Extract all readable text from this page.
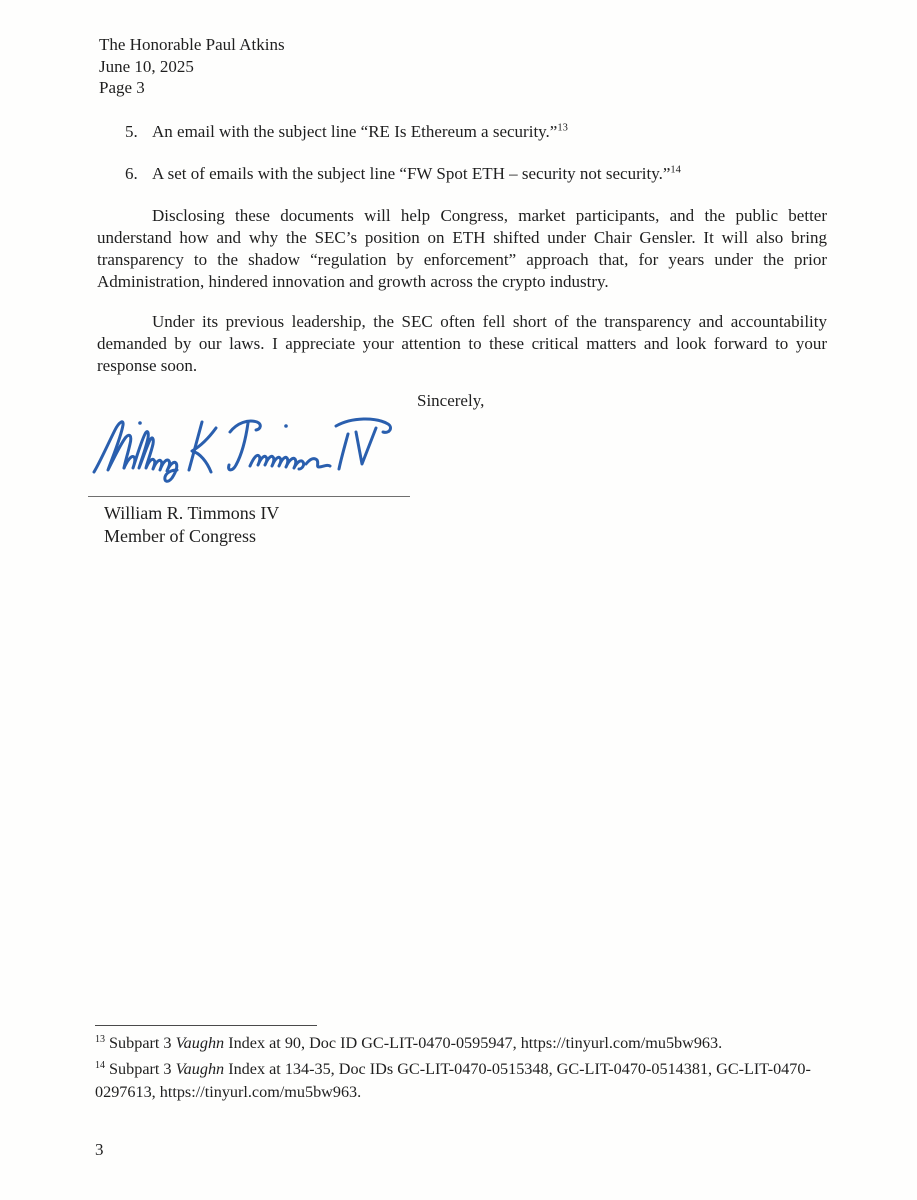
The Honorable Paul Atkins
June 10, 2025
Page 3
5. An email with the subject line “RE Is Ethereum a security.”$^{13}$
6. A set of emails with the subject line “FW Spot ETH – security not security.”$^{14}$

Disclosing these documents will help Congress, market participants, and the public better understand how and why the SEC’s position on ETH shifted under Chair Gensler. It will also bring transparency to the shadow “regulation by enforcement” approach that, for years under the prior Administration, hindered innovation and growth across the crypto industry.

Under its previous leadership, the SEC often fell short of the transparency and accountability demanded by our laws. I appreciate your attention to these critical matters and look forward to your response soon.

Sincerely,
William R. Timmons IV
Member of Congress

$^{13}$ Subpart 3 Vaughn Index at 90, Doc ID GC-LIT-0470-0595947, https://tinyurl.com/mu5bw963.

$^{14}$ Subpart 3 Vaughn Index at 134-35, Doc IDs GC-LIT-0470-0515348, GC-LIT-0470-0514381, GC-LIT-0470-0297613, https://tinyurl.com/mu5bw963.

3
